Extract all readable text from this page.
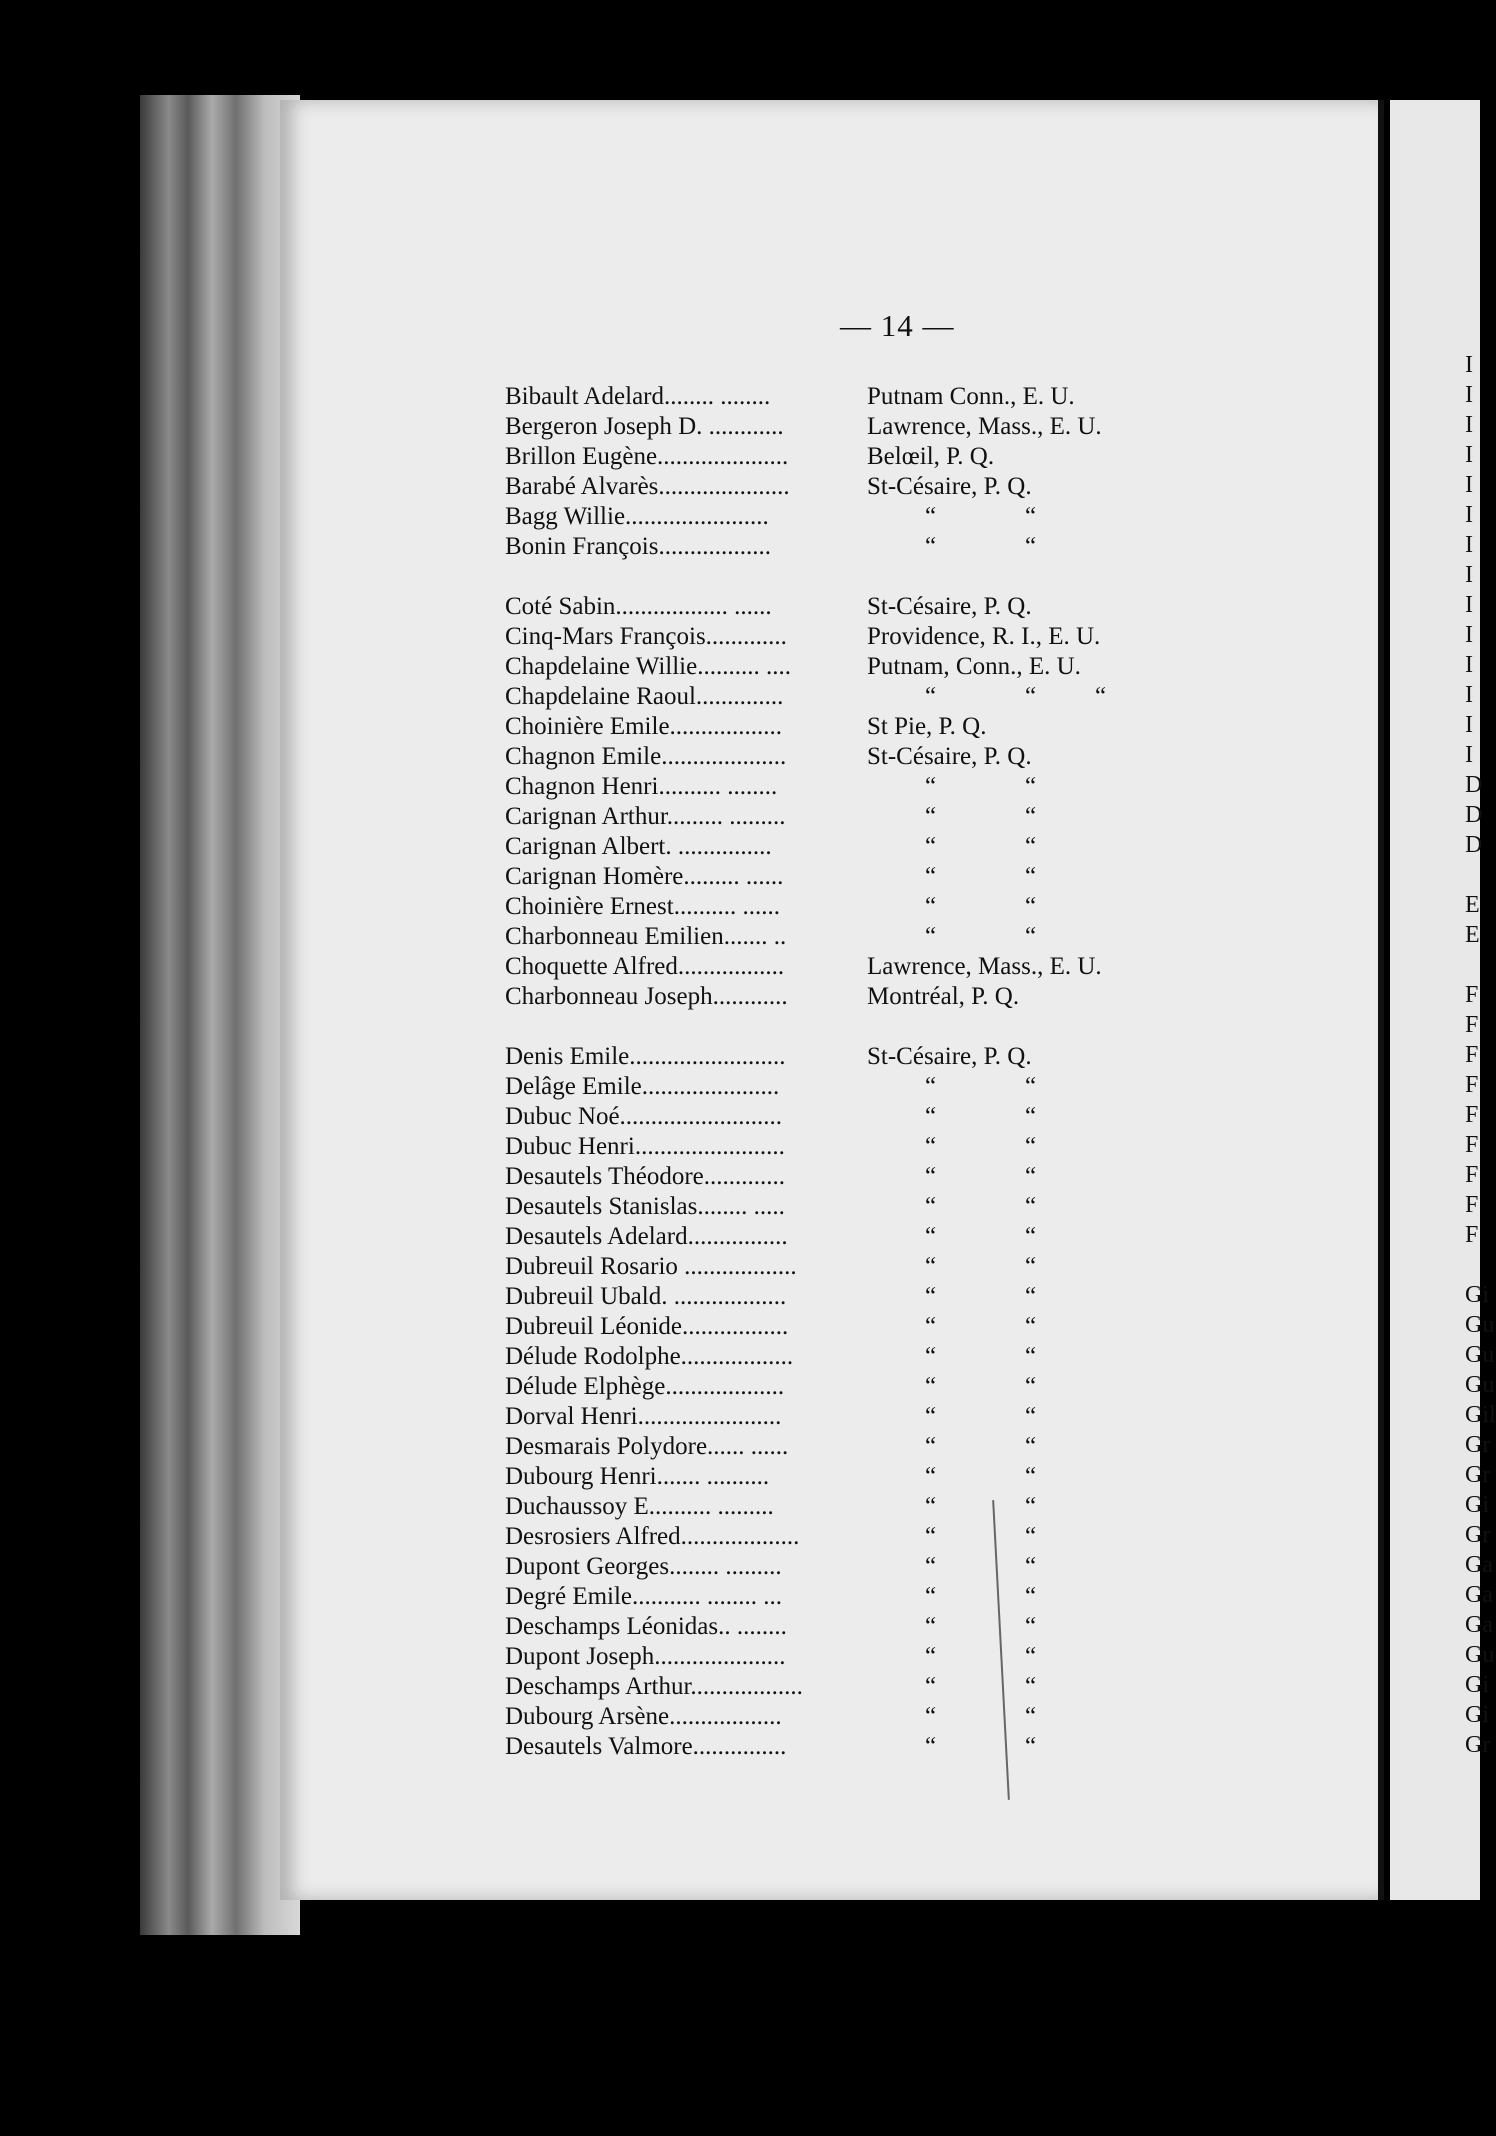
I
I
I
I
I
I
I
I
I
I
I
I
I
I
D
D
D
E
E
F
F
F
F
F
F
F
F
F
Gi
Gu
Gu
Gu
Gil
Gr
Gr
Gi
Gr
Ga
Ga
Ga
Gu
Gi
Gi
Gr
— 14 —
Bibault Adelard........ ........	Putnam Conn., E. U.
Bergeron Joseph D. ............	Lawrence, Mass., E. U.
Brillon Eugène.....................	Belœil, P. Q.
Barabé Alvarès.....................	St-Césaire, P. Q.
Bagg Willie.......................	“	“
Bonin François..................	“	“
Coté Sabin.................. ......	St-Césaire, P. Q.
Cinq-Mars François.............	Providence, R. I., E. U.
Chapdelaine Willie.......... ....	Putnam, Conn., E. U.
Chapdelaine Raoul..............	“	“ “
Choinière Emile..................	St Pie, P. Q.
Chagnon Emile....................	St-Césaire, P. Q.
Chagnon Henri.......... ........	“	“
Carignan Arthur......... .........	“	“
Carignan Albert. ...............	“	“
Carignan Homère......... ......	“	“
Choinière Ernest.......... ......	“	“
Charbonneau Emilien....... ..	“	“
Choquette Alfred.................	Lawrence, Mass., E. U.
Charbonneau Joseph............	Montréal, P. Q.
Denis Emile.........................	St-Césaire, P. Q.
Delâge Emile......................	“	“
Dubuc Noé..........................	“	“
Dubuc Henri........................	“	“
Desautels Théodore.............	“	“
Desautels Stanislas........ .....	“	“
Desautels Adelard................	“	“
Dubreuil Rosario ..................	“	“
Dubreuil Ubald. ..................	“	“
Dubreuil Léonide.................	“	“
Délude Rodolphe..................	“	“
Délude Elphège...................	“	“
Dorval Henri.......................	“	“
Desmarais Polydore...... ......	“	“
Dubourg Henri....... ..........	“	“
Duchaussoy E.......... .........	“	“
Desrosiers Alfred...................	“	“
Dupont Georges........ .........	“	“
Degré Emile........... ........ ...	“	“
Deschamps Léonidas.. ........	“	“
Dupont Joseph.....................	“	“
Deschamps Arthur..................	“	“
Dubourg Arsène..................	“	“
Desautels Valmore...............	“	“
